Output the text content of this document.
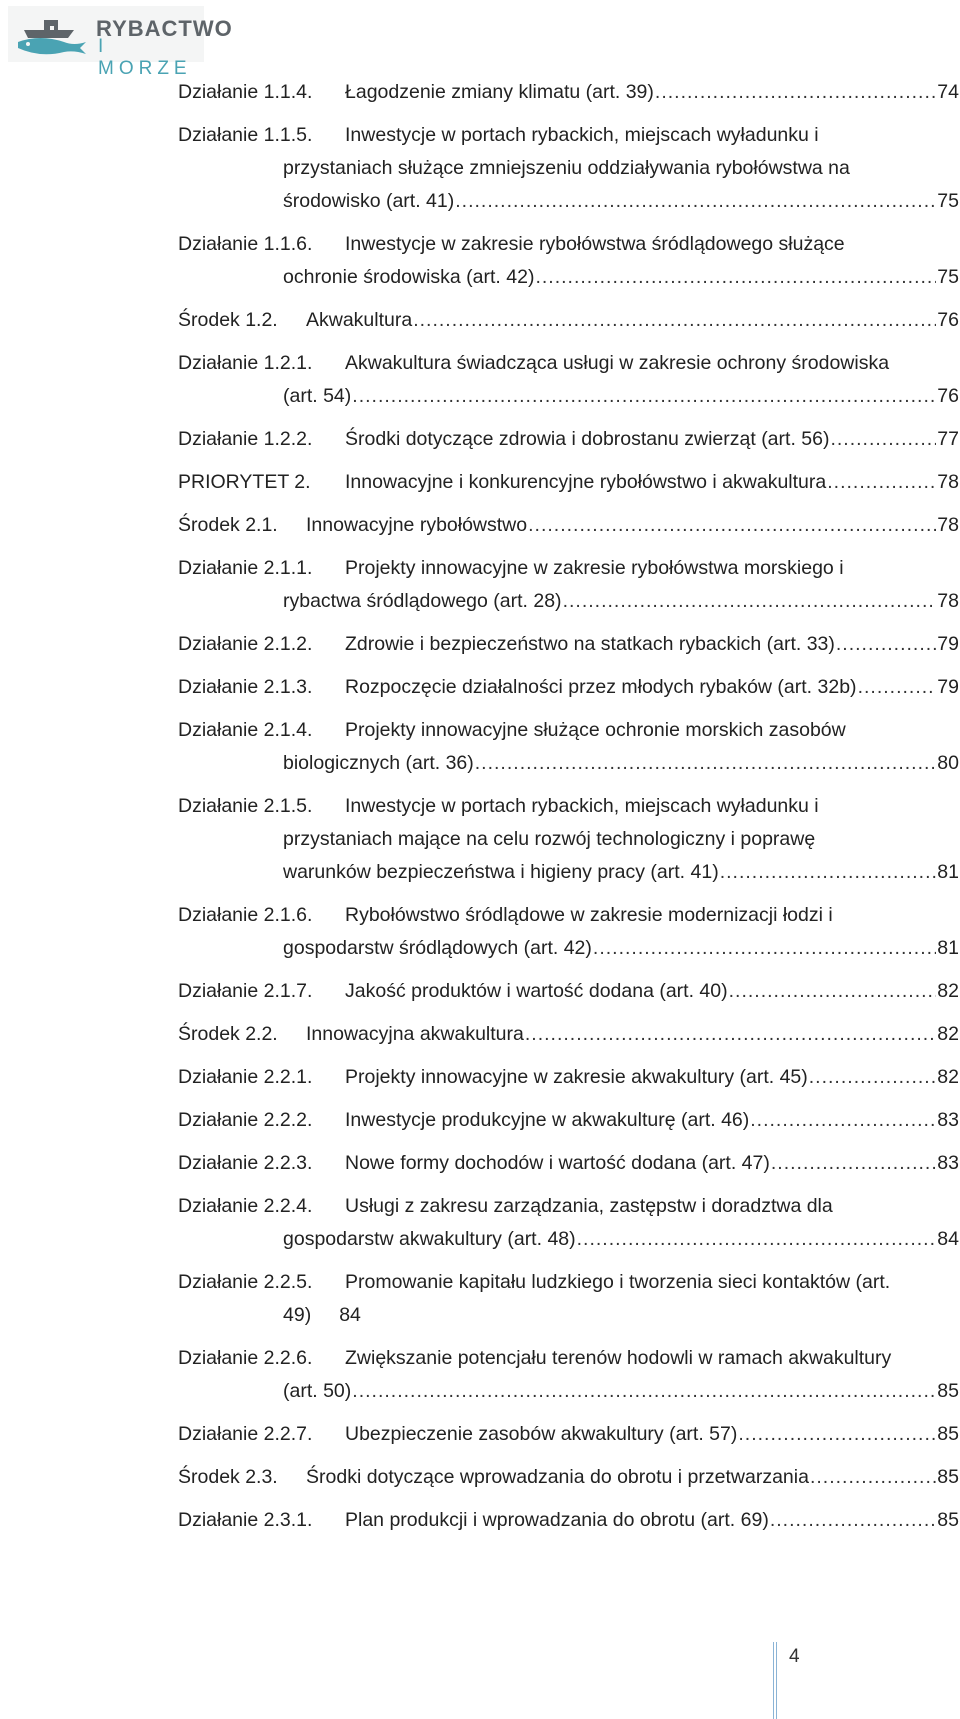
RYBACTWO
I MORZE
Działanie 1.1.4.	Łagodzenie zmiany klimatu (art. 39) .....	74
Działanie 1.1.5.	Inwestycje w portach rybackich, miejscach wyładunku i
przystaniach służące zmniejszeniu oddziaływania rybołówstwa na
środowisko (art. 41) .....	75
Działanie 1.1.6.	Inwestycje w zakresie rybołówstwa śródlądowego służące
ochronie środowiska (art. 42) .....	75
Środek 1.2.	Akwakultura .....	76
Działanie 1.2.1.	Akwakultura świadcząca usługi w zakresie ochrony środowiska
(art. 54) .....	76
Działanie 1.2.2.	Środki dotyczące zdrowia i dobrostanu zwierząt (art. 56) .....	77
PRIORYTET 2.	Innowacyjne i konkurencyjne rybołówstwo i akwakultura .....	78
Środek 2.1.	Innowacyjne rybołówstwo .....	78
Działanie 2.1.1.	Projekty innowacyjne w zakresie rybołówstwa morskiego i
rybactwa śródlądowego (art. 28) .....	78
Działanie 2.1.2.	Zdrowie i bezpieczeństwo na statkach rybackich (art. 33) .....	79
Działanie 2.1.3.	Rozpoczęcie działalności przez młodych rybaków (art. 32b) .....	79
Działanie 2.1.4.	Projekty innowacyjne służące ochronie morskich zasobów
biologicznych (art. 36) .....	80
Działanie 2.1.5.	Inwestycje w portach rybackich, miejscach wyładunku i
przystaniach mające na celu rozwój technologiczny i poprawę
warunków bezpieczeństwa i higieny pracy (art. 41) .....	81
Działanie 2.1.6.	Rybołówstwo śródlądowe w zakresie modernizacji łodzi i
gospodarstw śródlądowych (art. 42) .....	81
Działanie 2.1.7.	Jakość produktów i wartość dodana (art. 40) .....	82
Środek 2.2.	Innowacyjna akwakultura .....	82
Działanie 2.2.1.	Projekty innowacyjne w zakresie akwakultury (art. 45) .....	82
Działanie 2.2.2.	Inwestycje produkcyjne w akwakulturę (art. 46) .....	83
Działanie 2.2.3.	Nowe formy dochodów i wartość dodana (art. 47) .....	83
Działanie 2.2.4.	Usługi z zakresu zarządzania, zastępstw i doradztwa dla
gospodarstw akwakultury (art. 48) .....	84
Działanie 2.2.5.	Promowanie kapitału ludzkiego i tworzenia sieci kontaktów (art.
49) 84
Działanie 2.2.6.	Zwiększanie potencjału terenów hodowli w ramach akwakultury
(art. 50) .....	85
Działanie 2.2.7.	Ubezpieczenie zasobów akwakultury (art. 57) .....	85
Środek 2.3.	Środki dotyczące wprowadzania do obrotu i przetwarzania .....	85
Działanie 2.3.1.	Plan produkcji i wprowadzania do obrotu (art. 69) .....	85
4
